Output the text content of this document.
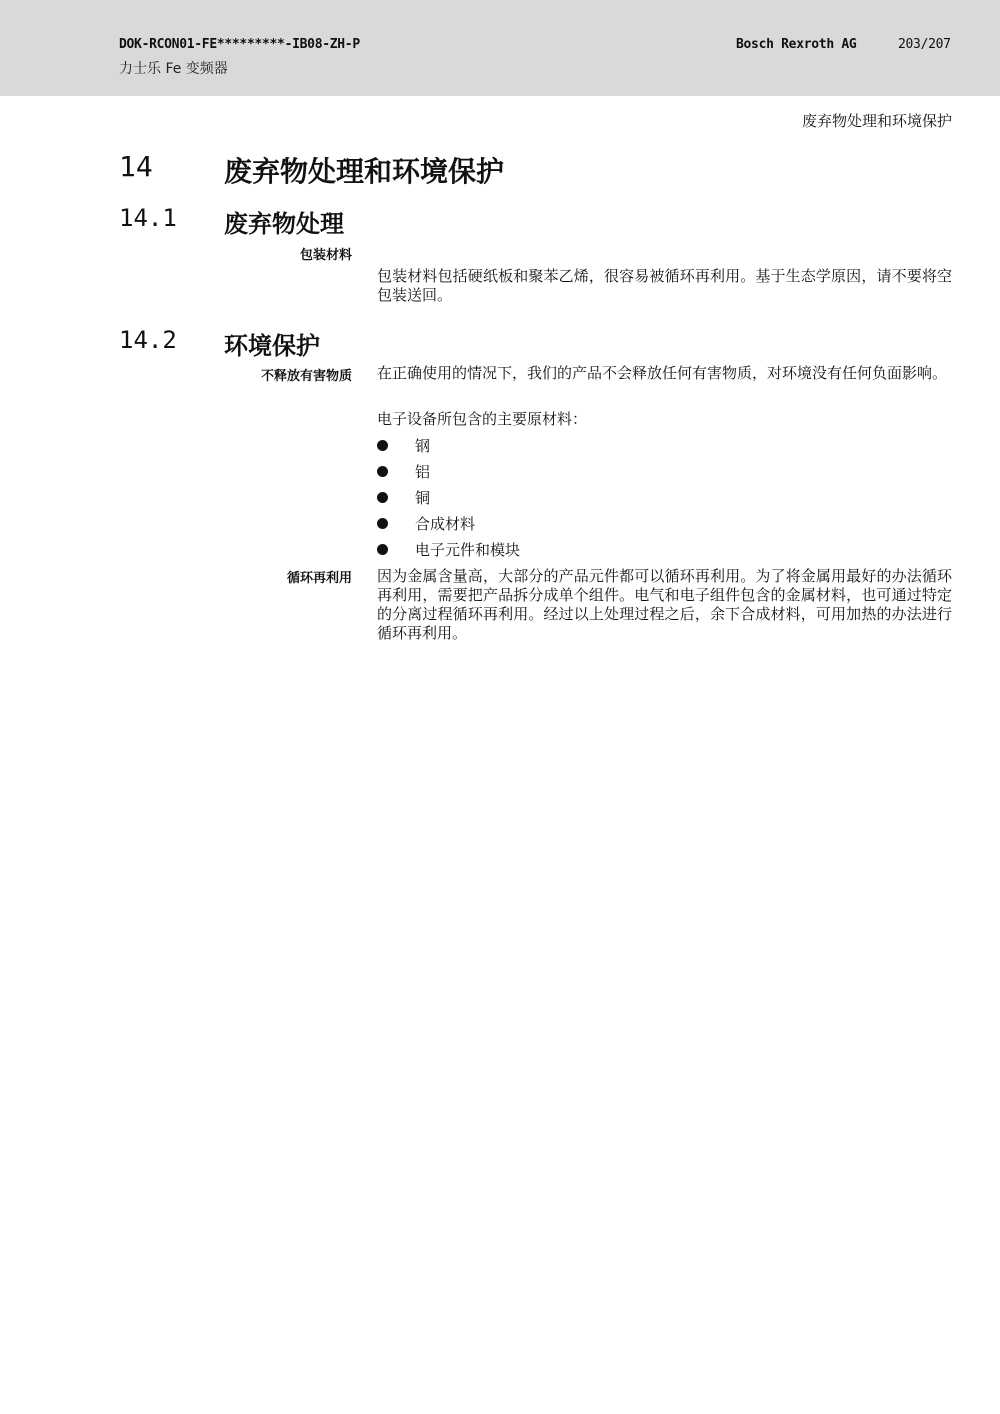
DOK-RCON01-FE*********-IB08-ZH-P
力士乐 Fe 变频器
Bosch Rexroth AG	203/207
废弃物处理和环境保护
14	废弃物处理和环境保护
14.1 废弃物处理
包装材料
包装材料包括硬纸板和聚苯乙烯，很容易被循环再利用。基于生态学原因，请不要将空包装送回。
14.2 环境保护
不释放有害物质 在正确使用的情况下，我们的产品不会释放任何有害物质，对环境没有任何负面影响。
电子设备所包含的主要原材料：
钢
铝
铜
合成材料
电子元件和模块
循环再利用 因为金属含量高，大部分的产品元件都可以循环再利用。为了将金属用最好的办法循环再利用，需要把产品拆分成单个组件。电气和电子组件包含的金属材料，也可通过特定的分离过程循环再利用。经过以上处理过程之后，余下合成材料，可用加热的办法进行循环再利用。
